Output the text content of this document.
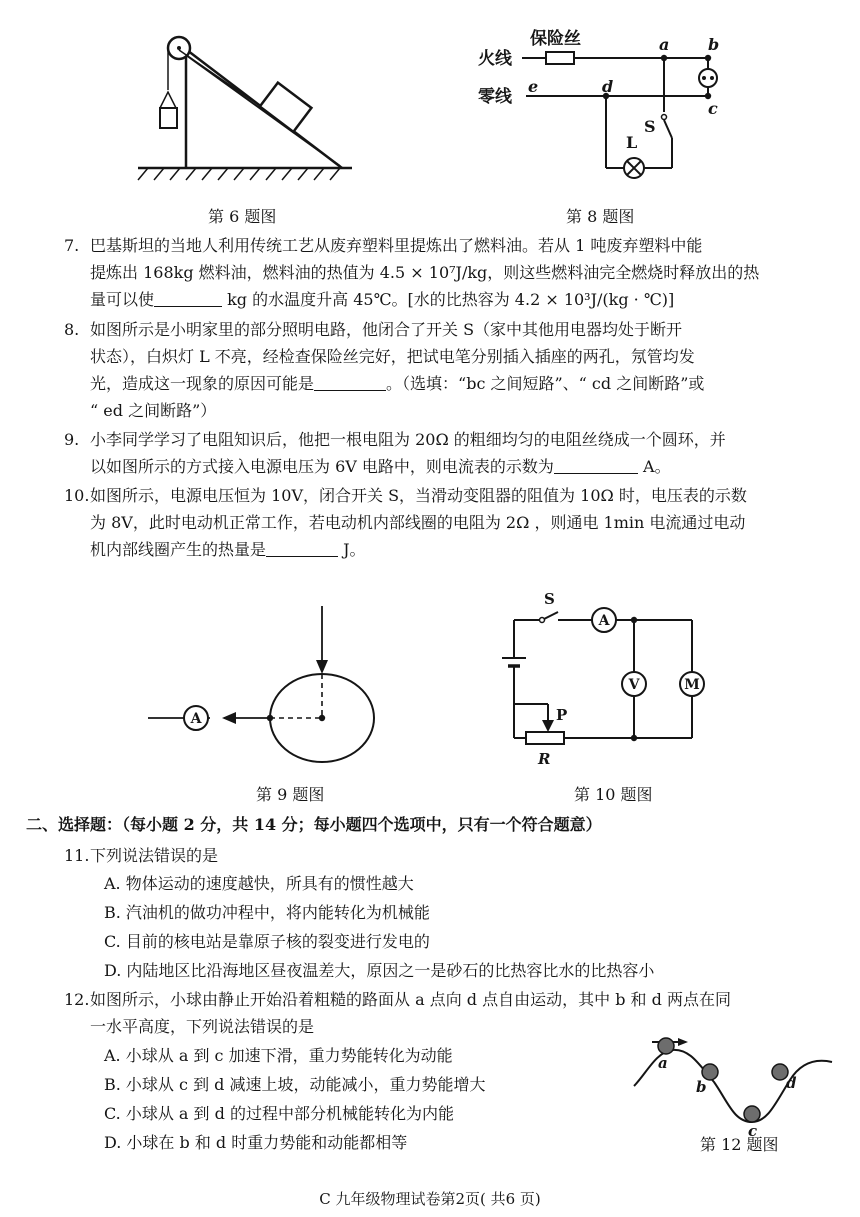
第 6 题图
火线
保险丝
零线
a b
c
d
e
S
L
第 8 题图

7. 巴基斯坦的当地人利用传统工艺从废弃塑料里提炼出了燃料油。若从 1 吨废弃塑料中能

提炼出 168kg 燃料油，燃料油的热值为 4.5 × 10⁷J/kg，则这些燃料油完全燃烧时释放出的热

量可以使	kg 的水温度升高 45℃。[水的比热容为 4.2 × 10³J/(kg · ℃)]

8. 如图所示是小明家里的部分照明电路，他闭合了开关 S（家中其他用电器均处于断开

状态），白炽灯 L 不亮，经检查保险丝完好，把试电笔分别插入插座的两孔，氖管均发

光，造成这一现象的原因可能是	。（选填：“bc 之间短路”、“ cd 之间断路”或

“ ed 之间断路”）

9. 小李同学学习了电阻知识后，他把一根电阻为 20Ω 的粗细均匀的电阻丝绕成一个圆环，并

以如图所示的方式接入电源电压为 6V 电路中，则电流表的示数为	A。

10.如图所示，电源电压恒为 10V，闭合开关 S，当滑动变阻器的阻值为 10Ω 时，电压表的示数

为 8V，此时电动机正常工作，若电动机内部线圈的电阻为 2Ω ，则通电 1min 电流通过电动

机内部线圈产生的热量是	J。

A
第 9 题图
S
A
V	M
P
R
第 10 题图
二、选择题：（每小题 2 分，共 14 分；每小题四个选项中，只有一个符合题意）

11.下列说法错误的是

A. 物体运动的速度越快，所具有的惯性越大
B. 汽油机的做功冲程中，将内能转化为机械能
C. 目前的核电站是靠原子核的裂变进行发电的
D. 内陆地区比沿海地区昼夜温差大，原因之一是砂石的比热容比水的比热容小

12.如图所示，小球由静止开始沿着粗糙的路面从 a 点向 d 点自由运动，其中 b 和 d 两点在同

一水平高度，下列说法错误的是

A. 小球从 a 到 c 加速下滑，重力势能转化为动能
B. 小球从 c 到 d 减速上坡，动能减小，重力势能增大
C. 小球从 a 到 d 的过程中部分机械能转化为内能
D. 小球在 b 和 d 时重力势能和动能都相等
a
b
c
d
第 12 题图
C 九年级物理试卷第2页( 共6 页)
